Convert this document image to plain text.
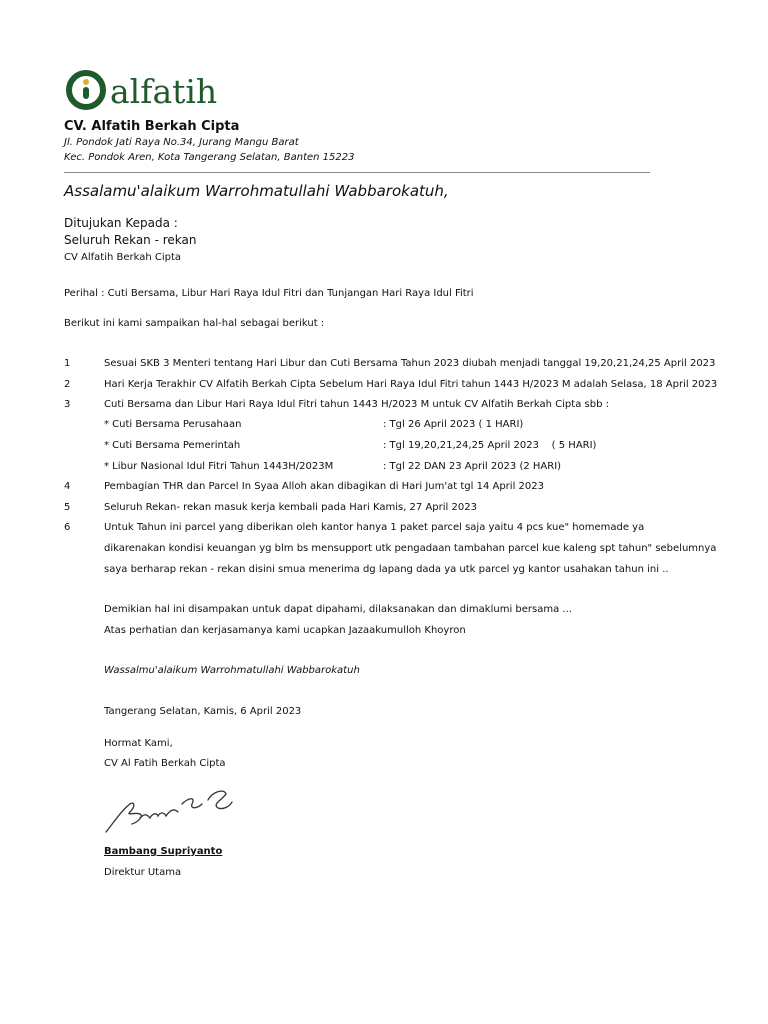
alfatih
CV. Alfatih Berkah Cipta
Jl. Pondok Jati Raya No.34, Jurang Mangu Barat
Kec. Pondok Aren, Kota Tangerang Selatan, Banten 15223
Assalamu'alaikum Warrohmatullahi Wabbarokatuh,
Ditujukan Kepada :
Seluruh Rekan - rekan
CV Alfatih Berkah Cipta
Perihal : Cuti Bersama, Libur Hari Raya Idul Fitri dan Tunjangan Hari Raya Idul Fitri
Berikut ini kami sampaikan hal-hal sebagai berikut :
1	Sesuai SKB 3 Menteri tentang Hari Libur dan Cuti Bersama Tahun 2023 diubah menjadi tanggal 19,20,21,24,25 April 2023
2	Hari Kerja Terakhir CV Alfatih Berkah Cipta Sebelum Hari Raya Idul Fitri tahun 1443 H/2023 M adalah Selasa, 18 April 2023
3	Cuti Bersama dan Libur Hari Raya Idul Fitri tahun 1443 H/2023 M untuk CV Alfatih Berkah Cipta sbb :
* Cuti Bersama Perusahaan	: Tgl 26 April 2023 ( 1 HARI)
* Cuti Bersama Pemerintah	: Tgl 19,20,21,24,25 April 2023    ( 5 HARI)
* Libur Nasional Idul Fitri Tahun 1443H/2023M	: Tgl 22 DAN 23 April 2023 (2 HARI)
4	Pembagian THR dan Parcel In Syaa Alloh akan dibagikan di Hari Jum'at tgl 14 April 2023
5	Seluruh Rekan- rekan masuk kerja kembali pada Hari Kamis, 27 April 2023
6	Untuk Tahun ini parcel yang diberikan oleh kantor hanya 1 paket parcel saja yaitu 4 pcs kue" homemade ya
dikarenakan kondisi keuangan yg blm bs mensupport utk pengadaan tambahan parcel kue kaleng spt tahun" sebelumnya
saya berharap rekan - rekan disini smua menerima dg lapang dada ya utk parcel yg kantor usahakan tahun ini ..
Demikian hal ini disampakan untuk dapat dipahami, dilaksanakan dan dimaklumi bersama ...
Atas perhatian dan kerjasamanya kami ucapkan Jazaakumulloh Khoyron
Wassalmu'alaikum Warrohmatullahi Wabbarokatuh
Tangerang Selatan, Kamis, 6 April 2023
Hormat Kami,
CV Al Fatih Berkah Cipta
Bambang Supriyanto
Direktur Utama
